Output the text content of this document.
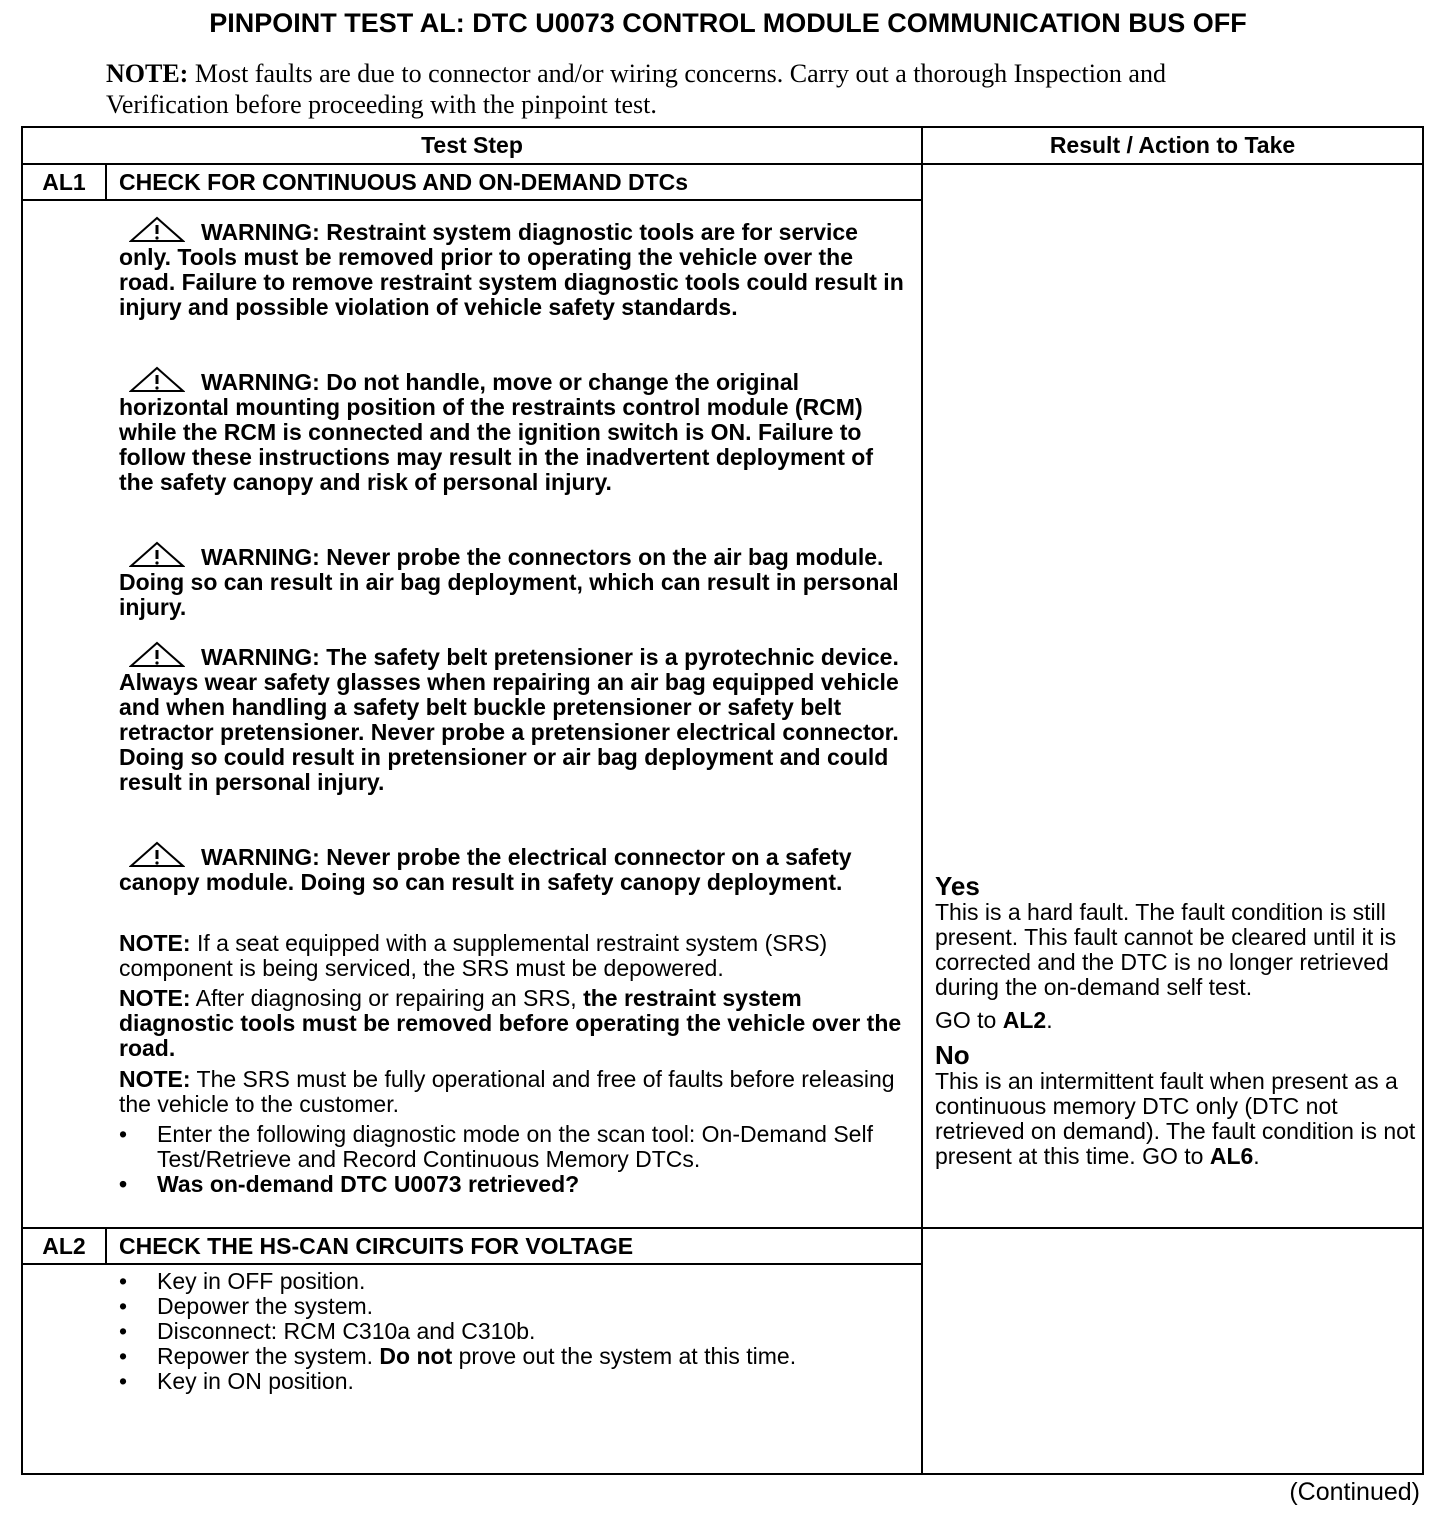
PINPOINT TEST AL: DTC U0073 CONTROL MODULE COMMUNICATION BUS OFF
NOTE: Most faults are due to connector and/or wiring concerns. Carry out a thorough Inspection and Verification before proceeding with the pinpoint test.
Test Step	Result / Action to Take
AL1	CHECK FOR CONTINUOUS AND ON-DEMAND DTCs
WARNING: Restraint system diagnostic tools are for service only. Tools must be removed prior to operating the vehicle over the road. Failure to remove restraint system diagnostic tools could result in injury and possible violation of vehicle safety standards.
WARNING: Do not handle, move or change the original horizontal mounting position of the restraints control module (RCM) while the RCM is connected and the ignition switch is ON. Failure to follow these instructions may result in the inadvertent deployment of the safety canopy and risk of personal injury.
WARNING: Never probe the connectors on the air bag module. Doing so can result in air bag deployment, which can result in personal injury.
WARNING: The safety belt pretensioner is a pyrotechnic device. Always wear safety glasses when repairing an air bag equipped vehicle and when handling a safety belt buckle pretensioner or safety belt retractor pretensioner. Never probe a pretensioner electrical connector. Doing so could result in pretensioner or air bag deployment and could result in personal injury.
WARNING: Never probe the electrical connector on a safety canopy module. Doing so can result in safety canopy deployment.
NOTE: If a seat equipped with a supplemental restraint system (SRS) component is being serviced, the SRS must be depowered.
NOTE: After diagnosing or repairing an SRS, the restraint system diagnostic tools must be removed before operating the vehicle over the road.
NOTE: The SRS must be fully operational and free of faults before releasing the vehicle to the customer.
• Enter the following diagnostic mode on the scan tool: On-Demand Self Test/Retrieve and Record Continuous Memory DTCs.
• Was on-demand DTC U0073 retrieved?
Yes
This is a hard fault. The fault condition is still present. This fault cannot be cleared until it is corrected and the DTC is no longer retrieved during the on-demand self test.
GO to AL2.
No
This is an intermittent fault when present as a continuous memory DTC only (DTC not retrieved on demand). The fault condition is not present at this time. GO to AL6.
AL2	CHECK THE HS-CAN CIRCUITS FOR VOLTAGE
• Key in OFF position.
• Depower the system.
• Disconnect: RCM C310a and C310b.
• Repower the system. Do not prove out the system at this time.
• Key in ON position.
(Continued)
